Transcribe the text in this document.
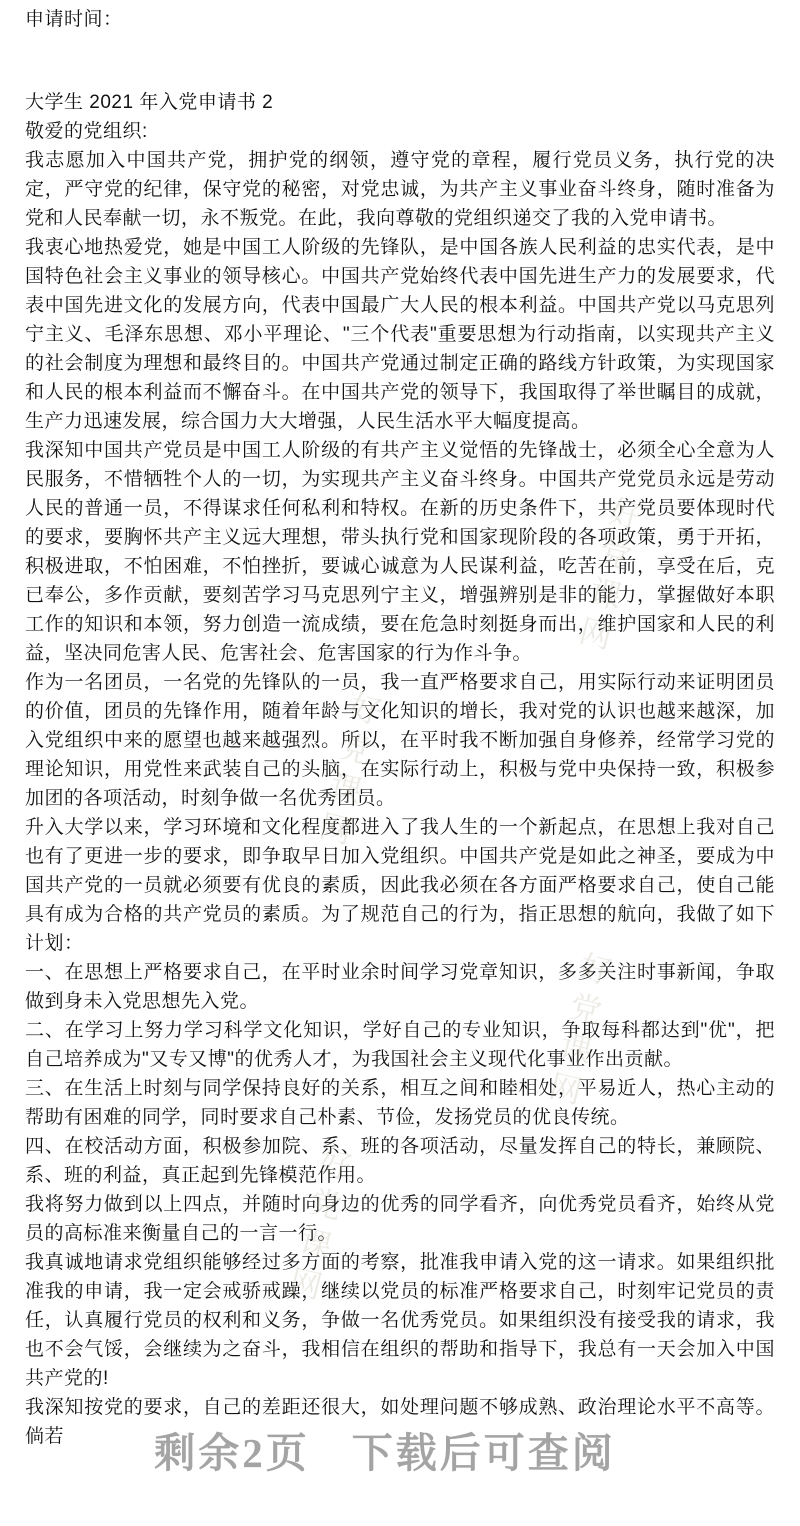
申请时间：

大学生 2021 年入党申请书 2

敬爱的党组织:

我志愿加入中国共产党，拥护党的纲领，遵守党的章程，履行党员义务，执行党的决定，严守党的纪律，保守党的秘密，对党忠诚，为共产主义事业奋斗终身，随时准备为党和人民奉献一切，永不叛党。在此，我向尊敬的党组织递交了我的入党申请书。

我衷心地热爱党，她是中国工人阶级的先锋队，是中国各族人民利益的忠实代表，是中国特色社会主义事业的领导核心。中国共产党始终代表中国先进生产力的发展要求，代表中国先进文化的发展方向，代表中国最广大人民的根本利益。中国共产党以马克思列宁主义、毛泽东思想、邓小平理论、"三个代表"重要思想为行动指南，以实现共产主义的社会制度为理想和最终目的。中国共产党通过制定正确的路线方针政策，为实现国家和人民的根本利益而不懈奋斗。在中国共产党的领导下，我国取得了举世瞩目的成就，生产力迅速发展，综合国力大大增强，人民生活水平大幅度提高。

我深知中国共产党员是中国工人阶级的有共产主义觉悟的先锋战士，必须全心全意为人民服务，不惜牺牲个人的一切，为实现共产主义奋斗终身。中国共产党党员永远是劳动人民的普通一员，不得谋求任何私利和特权。在新的历史条件下，共产党员要体现时代的要求，要胸怀共产主义远大理想，带头执行党和国家现阶段的各项政策，勇于开拓，积极进取，不怕困难，不怕挫折，要诚心诚意为人民谋利益，吃苦在前，享受在后，克已奉公，多作贡献，要刻苦学习马克思列宁主义，增强辨别是非的能力，掌握做好本职工作的知识和本领，努力创造一流成绩，要在危急时刻挺身而出，维护国家和人民的利益，坚决同危害人民、危害社会、危害国家的行为作斗争。

作为一名团员，一名党的先锋队的一员，我一直严格要求自己，用实际行动来证明团员的价值，团员的先锋作用，随着年龄与文化知识的增长，我对党的认识也越来越深，加入党组织中来的愿望也越来越强烈。所以，在平时我不断加强自身修养，经常学习党的理论知识，用党性来武装自己的头脑，在实际行动上，积极与党中央保持一致，积极参加团的各项活动，时刻争做一名优秀团员。

升入大学以来，学习环境和文化程度都进入了我人生的一个新起点，在思想上我对自己也有了更进一步的要求，即争取早日加入党组织。中国共产党是如此之神圣，要成为中国共产党的一员就必须要有优良的素质，因此我必须在各方面严格要求自己，使自己能具有成为合格的共产党员的素质。为了规范自己的行为，指正思想的航向，我做了如下计划：

一、在思想上严格要求自己，在平时业余时间学习党章知识，多多关注时事新闻，争取做到身未入党思想先入党。

二、在学习上努力学习科学文化知识，学好自己的专业知识，争取每科都达到"优"，把自己培养成为"又专又博"的优秀人才，为我国社会主义现代化事业作出贡献。

三、在生活上时刻与同学保持良好的关系，相互之间和睦相处，平易近人，热心主动的帮助有困难的同学，同时要求自己朴素、节俭，发扬党员的优良传统。

四、在校活动方面，积极参加院、系、班的各项活动，尽量发挥自己的特长，兼顾院、系、班的利益，真正起到先锋模范作用。

我将努力做到以上四点，并随时向身边的优秀的同学看齐，向优秀党员看齐，始终从党员的高标准来衡量自己的一言一行。

我真诚地请求党组织能够经过多方面的考察，批准我申请入党的这一请求。如果组织批准我的申请，我一定会戒骄戒躁，继续以党员的标准严格要求自己，时刻牢记党员的责任，认真履行党员的权利和义务，争做一名优秀党员。如果组织没有接受我的请求，我也不会气馁，会继续为之奋斗，我相信在组织的帮助和指导下，我总有一天会加入中国共产党的!

我深知按党的要求，自己的差距还很大，如处理问题不够成熟、政治理论水平不高等。倘若

好党课网
好党课网
好党课网
好党课网
剩余2页 下载后可查阅
